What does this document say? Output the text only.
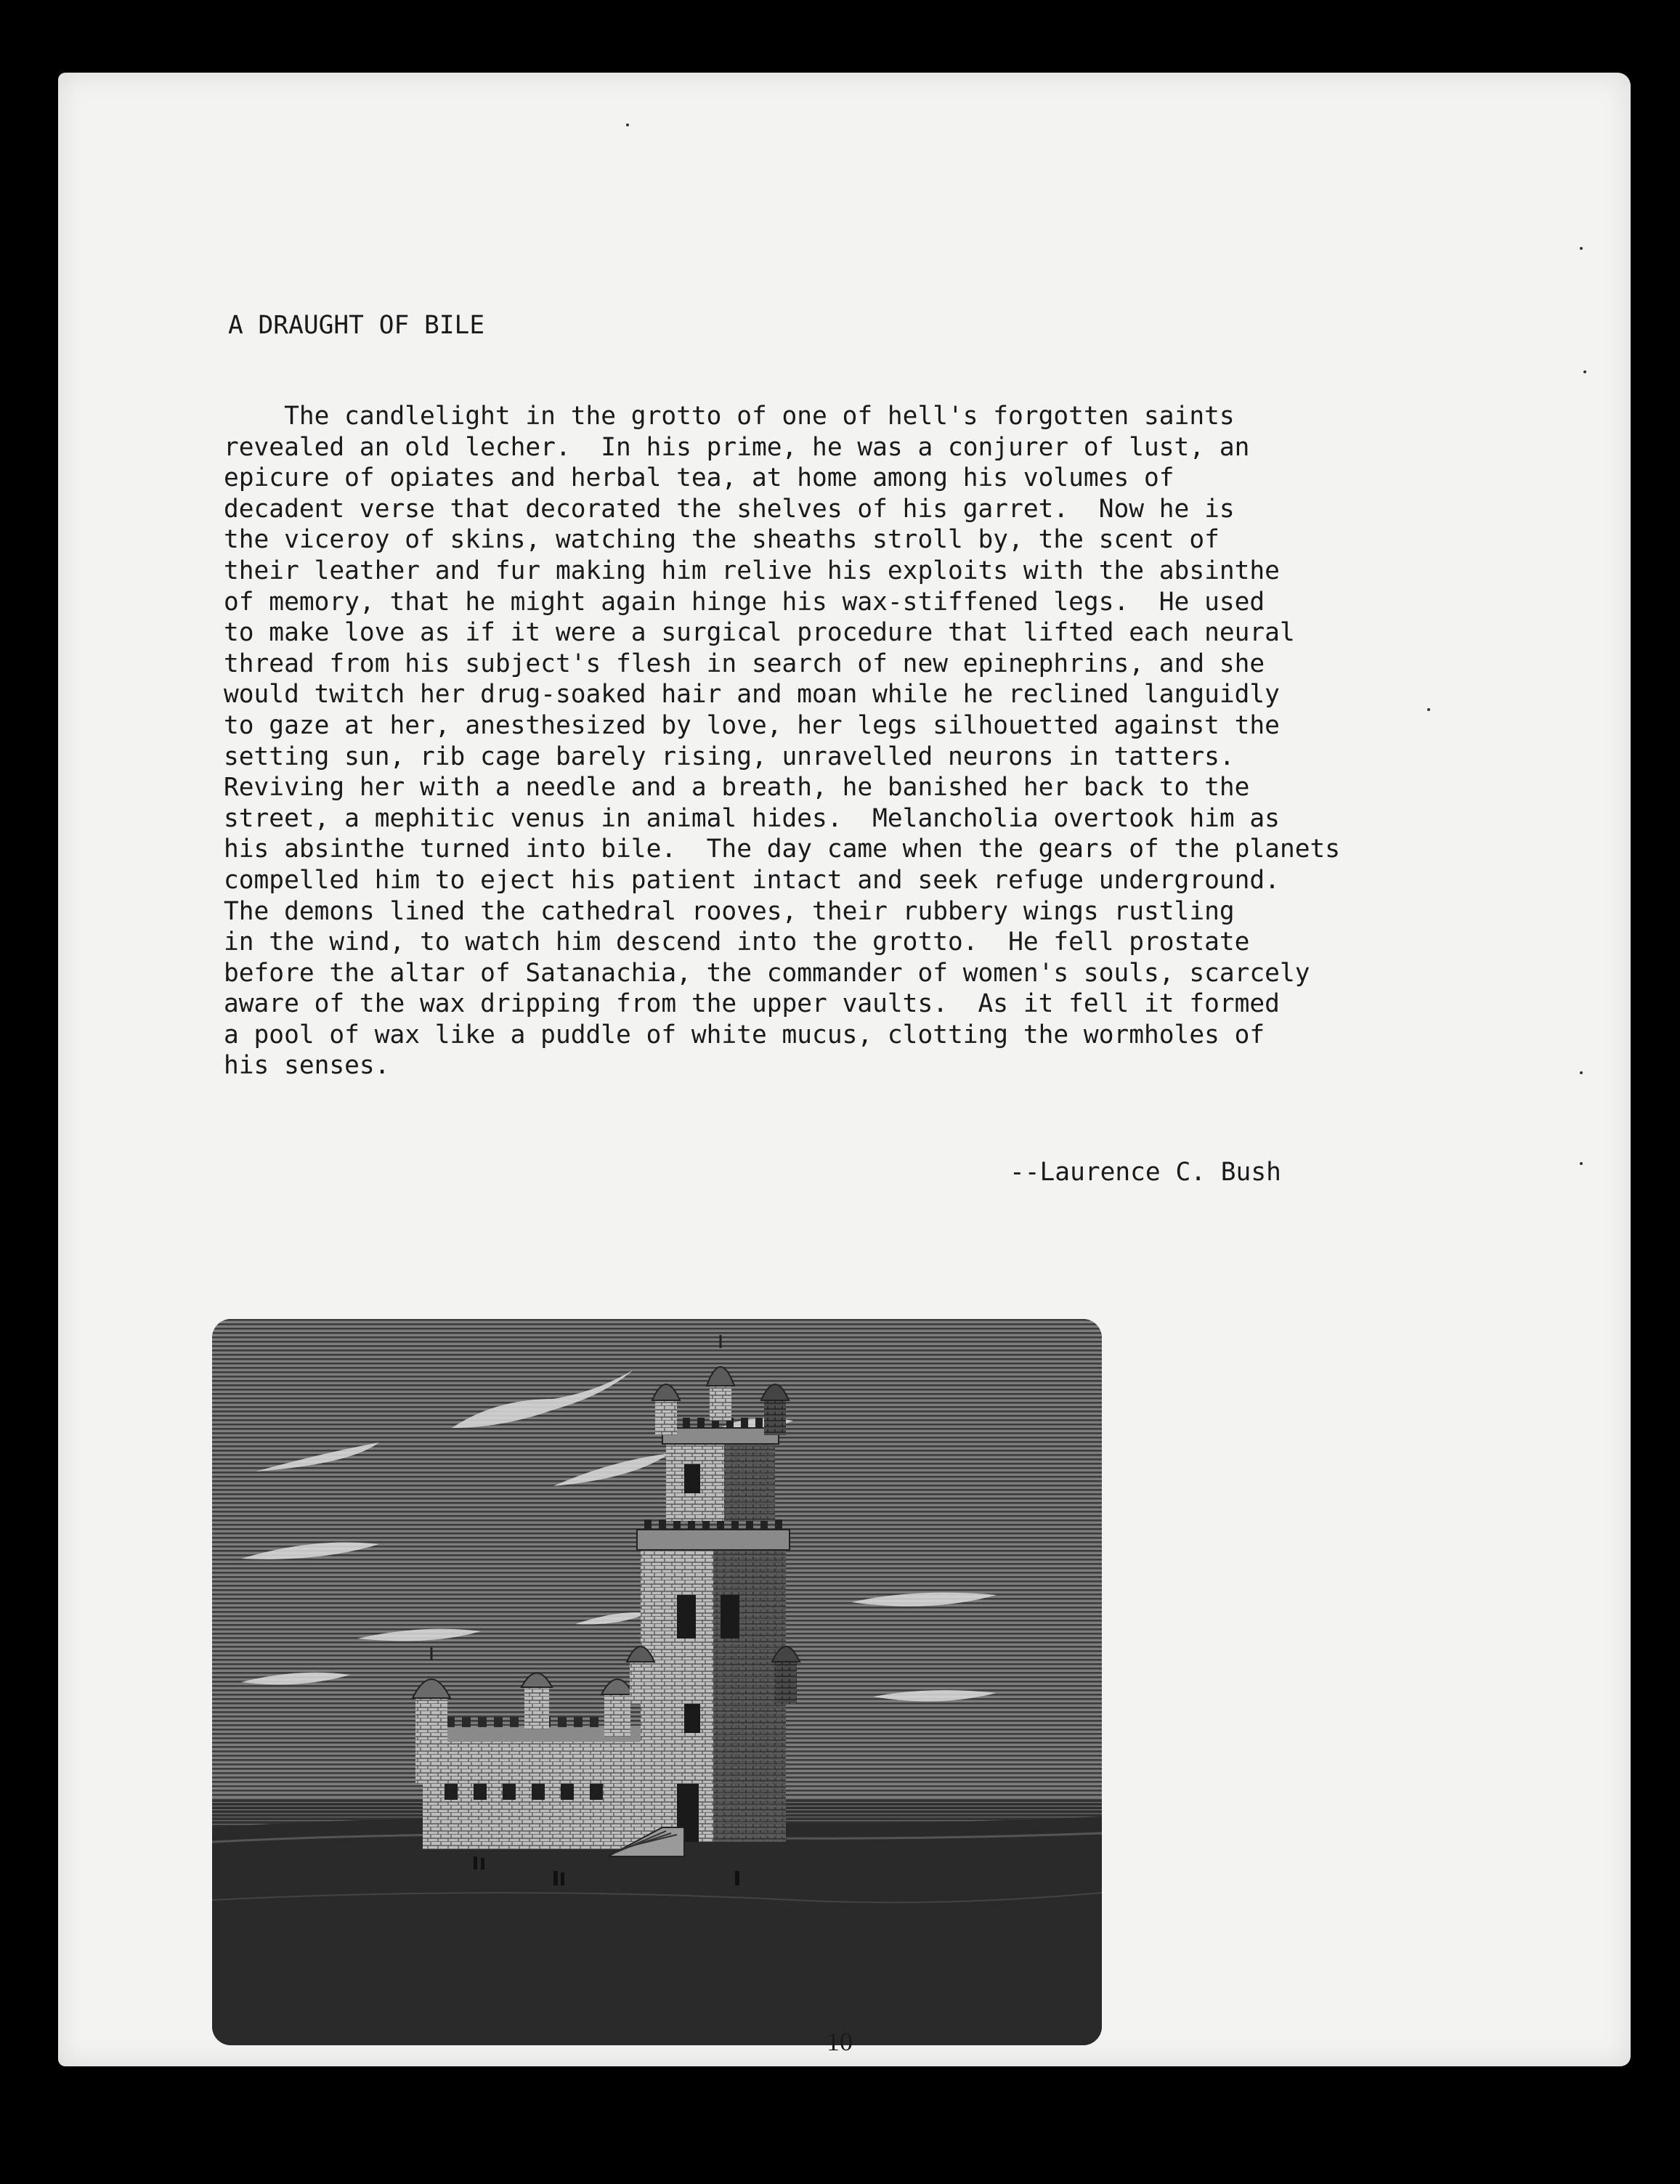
A DRAUGHT OF BILE
The candlelight in the grotto of one of hell's forgotten saints
revealed an old lecher.  In his prime, he was a conjurer of lust, an
epicure of opiates and herbal tea, at home among his volumes of
decadent verse that decorated the shelves of his garret.  Now he is
the viceroy of skins, watching the sheaths stroll by, the scent of
their leather and fur making him relive his exploits with the absinthe
of memory, that he might again hinge his wax-stiffened legs.  He used
to make love as if it were a surgical procedure that lifted each neural
thread from his subject's flesh in search of new epinephrins, and she
would twitch her drug-soaked hair and moan while he reclined languidly
to gaze at her, anesthesized by love, her legs silhouetted against the
setting sun, rib cage barely rising, unravelled neurons in tatters.
Reviving her with a needle and a breath, he banished her back to the
street, a mephitic venus in animal hides.  Melancholia overtook him as
his absinthe turned into bile.  The day came when the gears of the planets
compelled him to eject his patient intact and seek refuge underground.
The demons lined the cathedral rooves, their rubbery wings rustling
in the wind, to watch him descend into the grotto.  He fell prostate
before the altar of Satanachia, the commander of women's souls, scarcely
aware of the wax dripping from the upper vaults.  As it fell it formed
a pool of wax like a puddle of white mucus, clotting the wormholes of
his senses.
--Laurence C. Bush
10
